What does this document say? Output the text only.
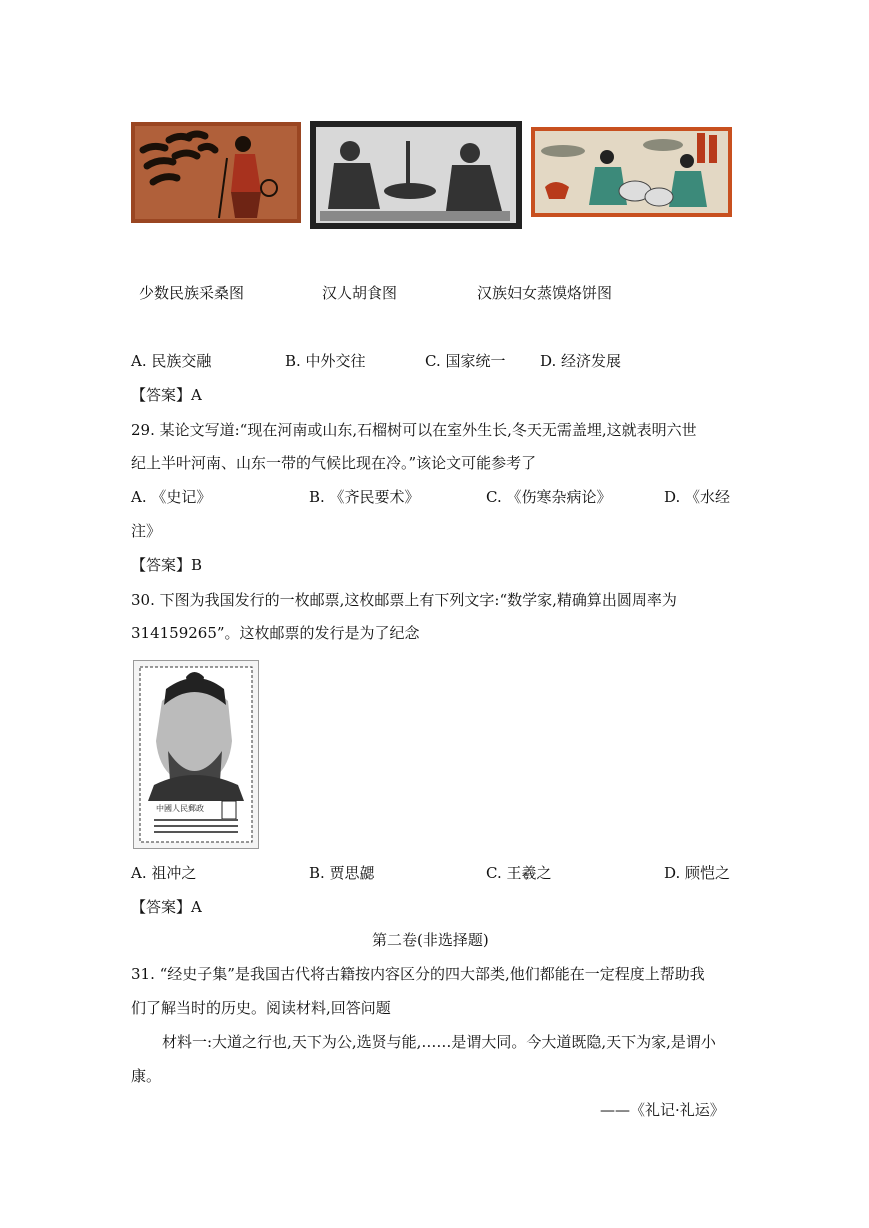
少数民族采桑图	汉人胡食图	汉族妇女蒸馍烙饼图
A. 民族交融	B. 中外交往	C. 国家统一 D. 经济发展
【答案】A
29. 某论文写道:“现在河南或山东,石榴树可以在室外生长,冬天无需盖埋,这就表明六世
纪上半叶河南、山东一带的气候比现在冷。”该论文可能参考了
A. 《史记》	B. 《齐民要术》	C. 《伤寒杂病论》	D. 《水经
注》
【答案】B
30. 下图为我国发行的一枚邮票,这枚邮票上有下列文字:“数学家,精确算出圆周率为
314159265”。这枚邮票的发行是为了纪念
中國人民郵政
A. 祖冲之	B. 贾思勰	C. 王羲之	D. 顾恺之
【答案】A
第二卷(非选择题)
31. “经史子集”是我国古代将古籍按内容区分的四大部类,他们都能在一定程度上帮助我
们了解当时的历史。阅读材料,回答问题
材料一:大道之行也,天下为公,选贤与能,……是谓大同。今大道既隐,天下为家,是谓小
康。
——《礼记·礼运》
